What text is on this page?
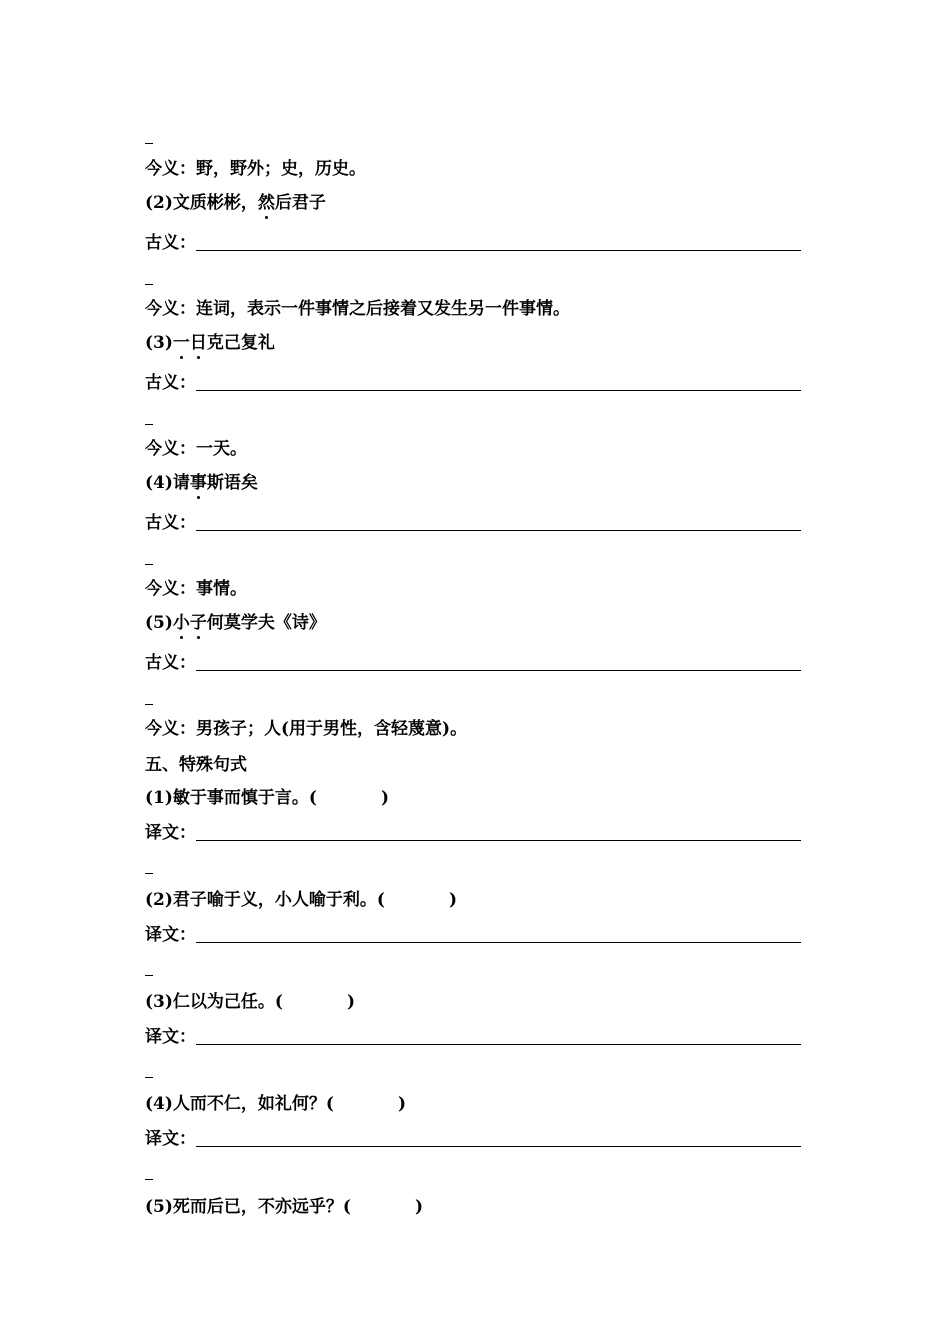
今义：野，野外；史，历史。
(2)文质彬彬，然后君子
古义：
今义：连词，表示一件事情之后接着又发生另一件事情。
(3)一日克己复礼
古义：
今义：一天。
(4)请事斯语矣
古义：
今义：事情。
(5)小子何莫学夫《诗》
古义：
今义：男孩子；人(用于男性，含轻蔑意)。
五、特殊句式
(1)敏于事而慎于言。(	)
译文：
(2)君子喻于义，小人喻于利。(	)
译文：
(3)仁以为己任。(	)
译文：
(4)人而不仁，如礼何？(	)
译文：
(5)死而后已，不亦远乎？(	)
